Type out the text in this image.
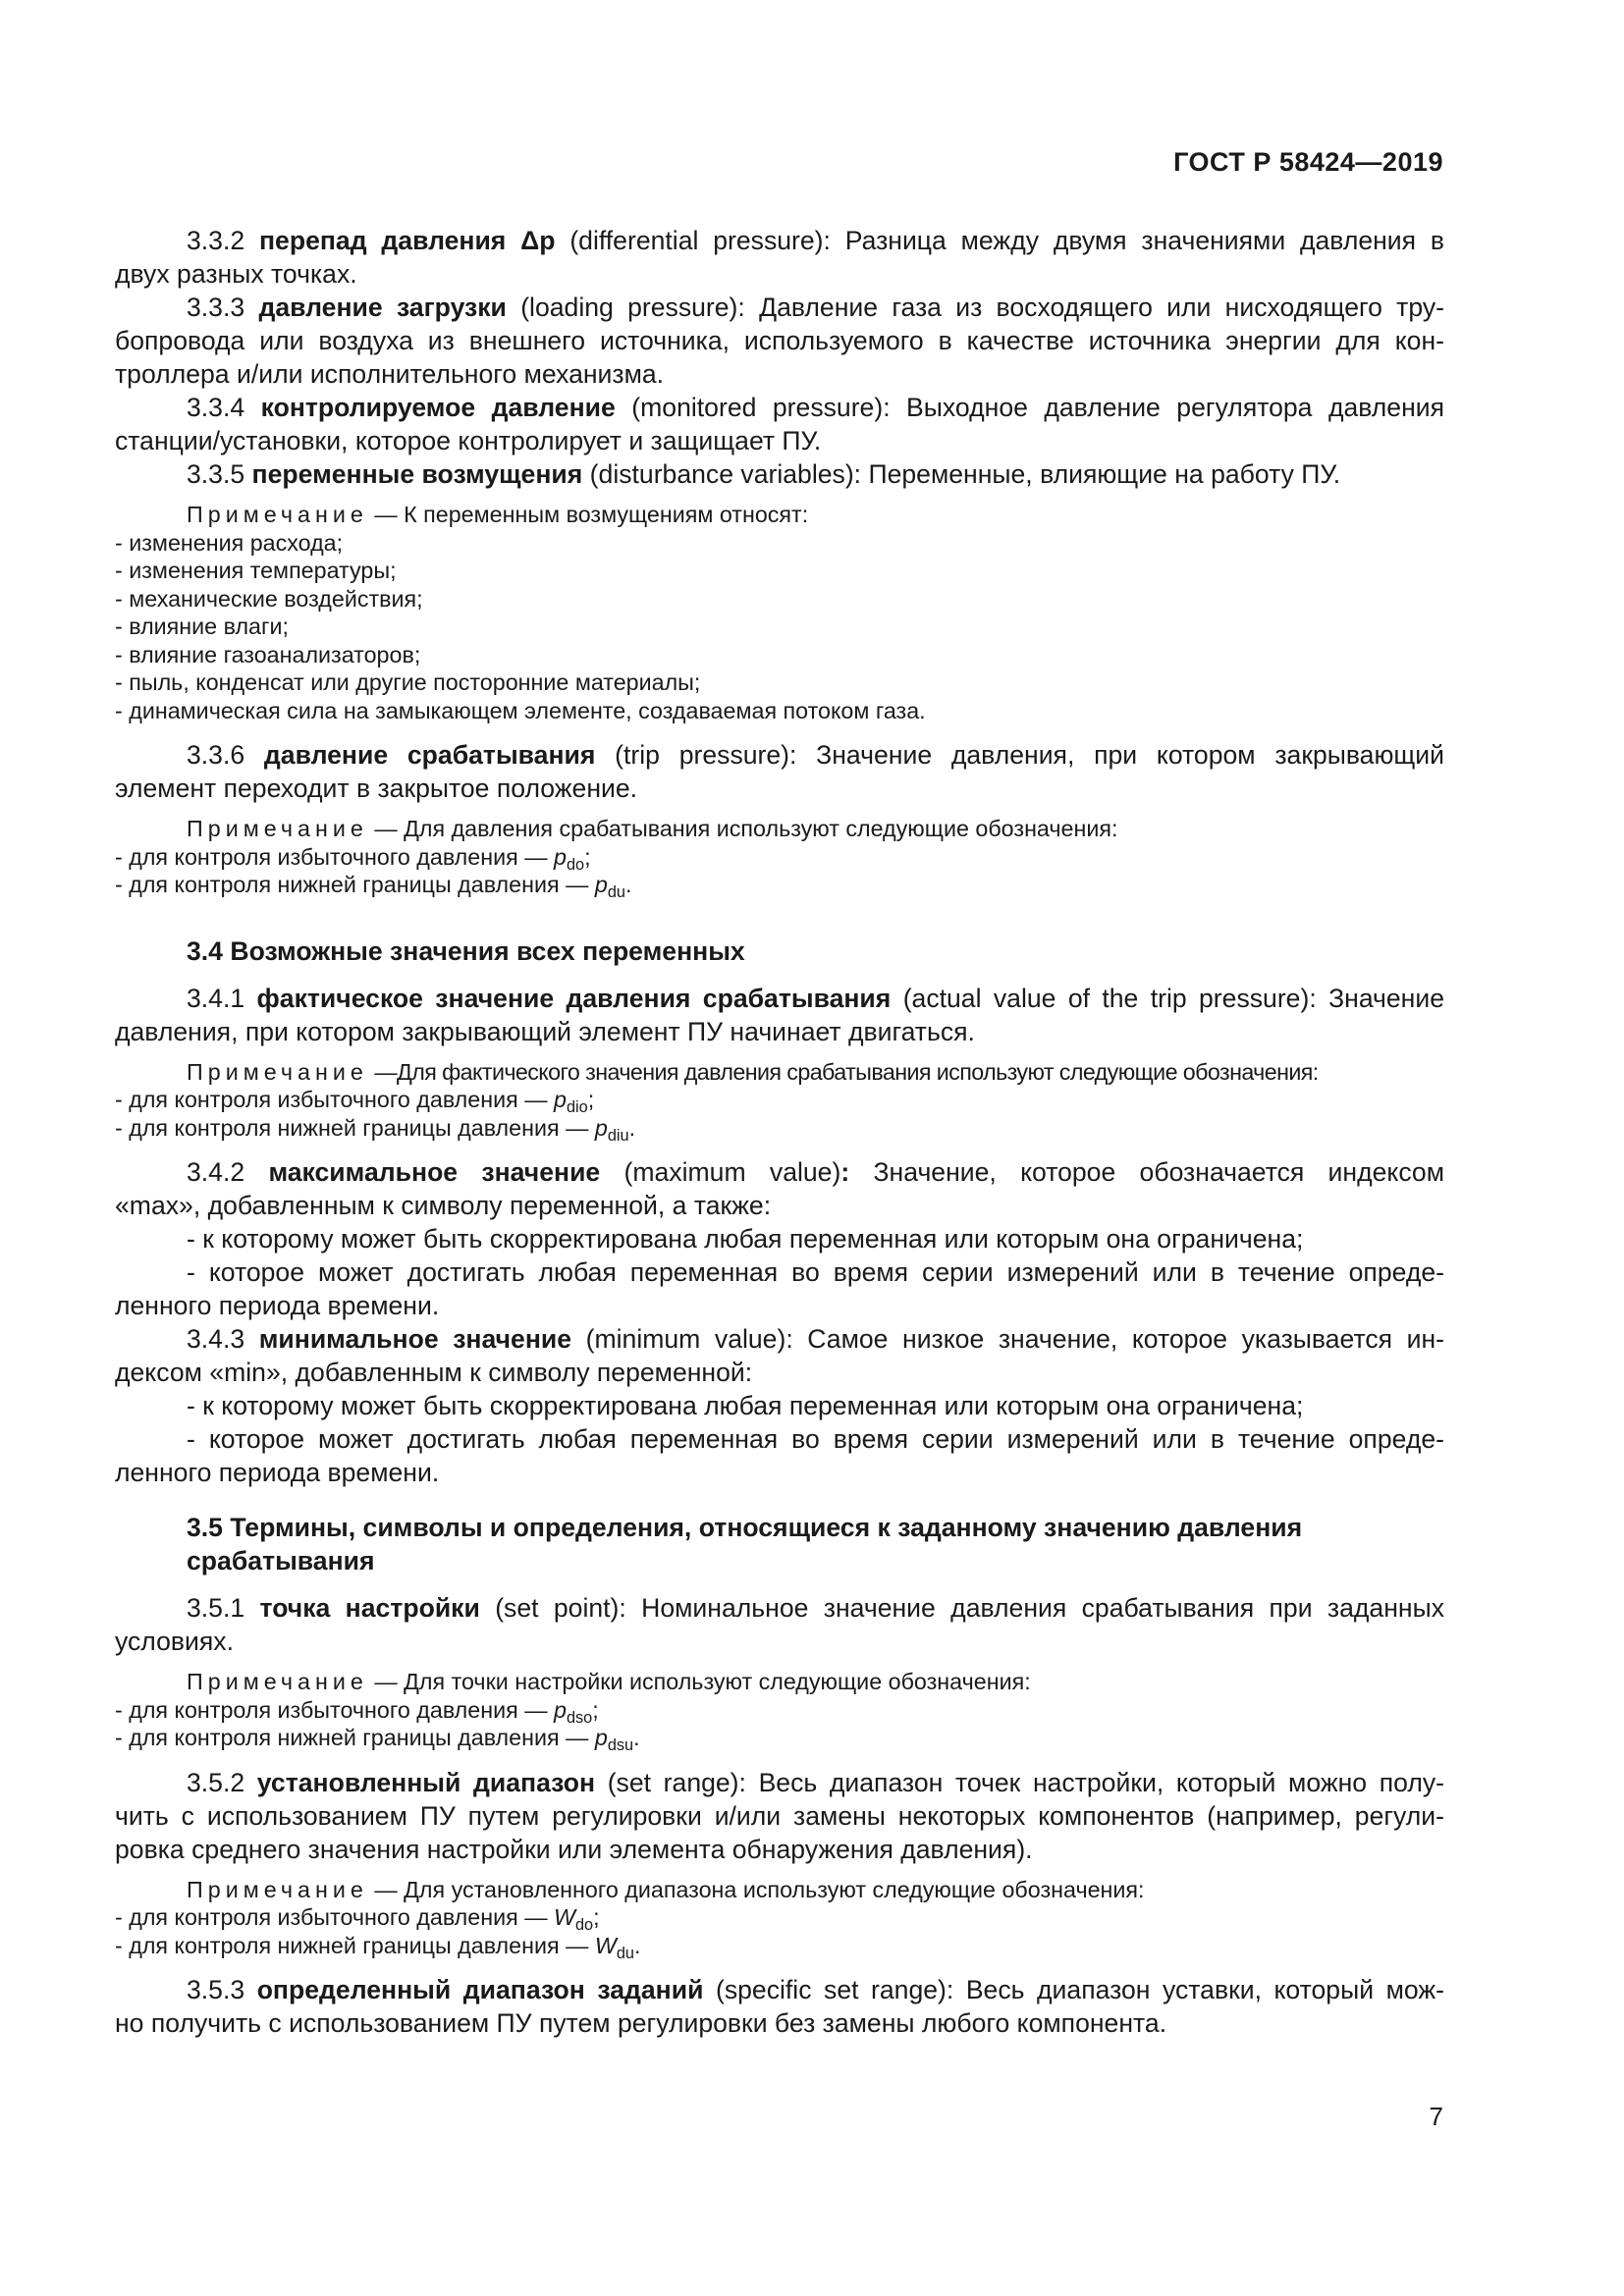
ГОСТ Р 58424—2019
3.3.2 перепад давления Δp (differential pressure): Разница между двумя значениями давления в
двух разных точках.
3.3.3 давление загрузки (loading pressure): Давление газа из восходящего или нисходящего тру-
бопровода или воздуха из внешнего источника, используемого в качестве источника энергии для кон-
троллера и/или исполнительного механизма.
3.3.4 контролируемое давление (monitored pressure): Выходное давление регулятора давления
станции/установки, которое контролирует и защищает ПУ.
3.3.5 переменные возмущения (disturbance variables): Переменные, влияющие на работу ПУ.
Примечание — К переменным возмущениям относят:
- изменения расхода;
- изменения температуры;
- механические воздействия;
- влияние влаги;
- влияние газоанализаторов;
- пыль, конденсат или другие посторонние материалы;
- динамическая сила на замыкающем элементе, создаваемая потоком газа.
3.3.6 давление срабатывания (trip pressure): Значение давления, при котором закрывающий
элемент переходит в закрытое положение.
Примечание — Для давления срабатывания используют следующие обозначения:
- для контроля избыточного давления — $p_{do}$;
- для контроля нижней границы давления — $p_{du}$.
3.4 Возможные значения всех переменных
3.4.1 фактическое значение давления срабатывания (actual value of the trip pressure): Значение
давления, при котором закрывающий элемент ПУ начинает двигаться.
Примечание —Для фактического значения давления срабатывания используют следующие обозначения:
- для контроля избыточного давления — $p_{dio}$;
- для контроля нижней границы давления — $p_{diu}$.
3.4.2 максимальное значение (maximum value): Значение, которое обозначается индексом
«max», добавленным к символу переменной, а также:
- к которому может быть скорректирована любая переменная или которым она ограничена;
- которое может достигать любая переменная во время серии измерений или в течение опреде-
ленного периода времени.
3.4.3 минимальное значение (minimum value): Самое низкое значение, которое указывается ин-
дексом «min», добавленным к символу переменной:
- к которому может быть скорректирована любая переменная или которым она ограничена;
- которое может достигать любая переменная во время серии измерений или в течение опреде-
ленного периода времени.
3.5 Термины, символы и определения, относящиеся к заданному значению давления
срабатывания
3.5.1 точка настройки (set point): Номинальное значение давления срабатывания при заданных
условиях.
Примечание — Для точки настройки используют следующие обозначения:
- для контроля избыточного давления — $p_{dso}$;
- для контроля нижней границы давления — $p_{dsu}$.
3.5.2 установленный диапазон (set range): Весь диапазон точек настройки, который можно полу-
чить с использованием ПУ путем регулировки и/или замены некоторых компонентов (например, регули-
ровка среднего значения настройки или элемента обнаружения давления).
Примечание — Для установленного диапазона используют следующие обозначения:
- для контроля избыточного давления — $W_{do}$;
- для контроля нижней границы давления — $W_{du}$.
3.5.3 определенный диапазон заданий (specific set range): Весь диапазон уставки, который мож-
но получить с использованием ПУ путем регулировки без замены любого компонента.
7
